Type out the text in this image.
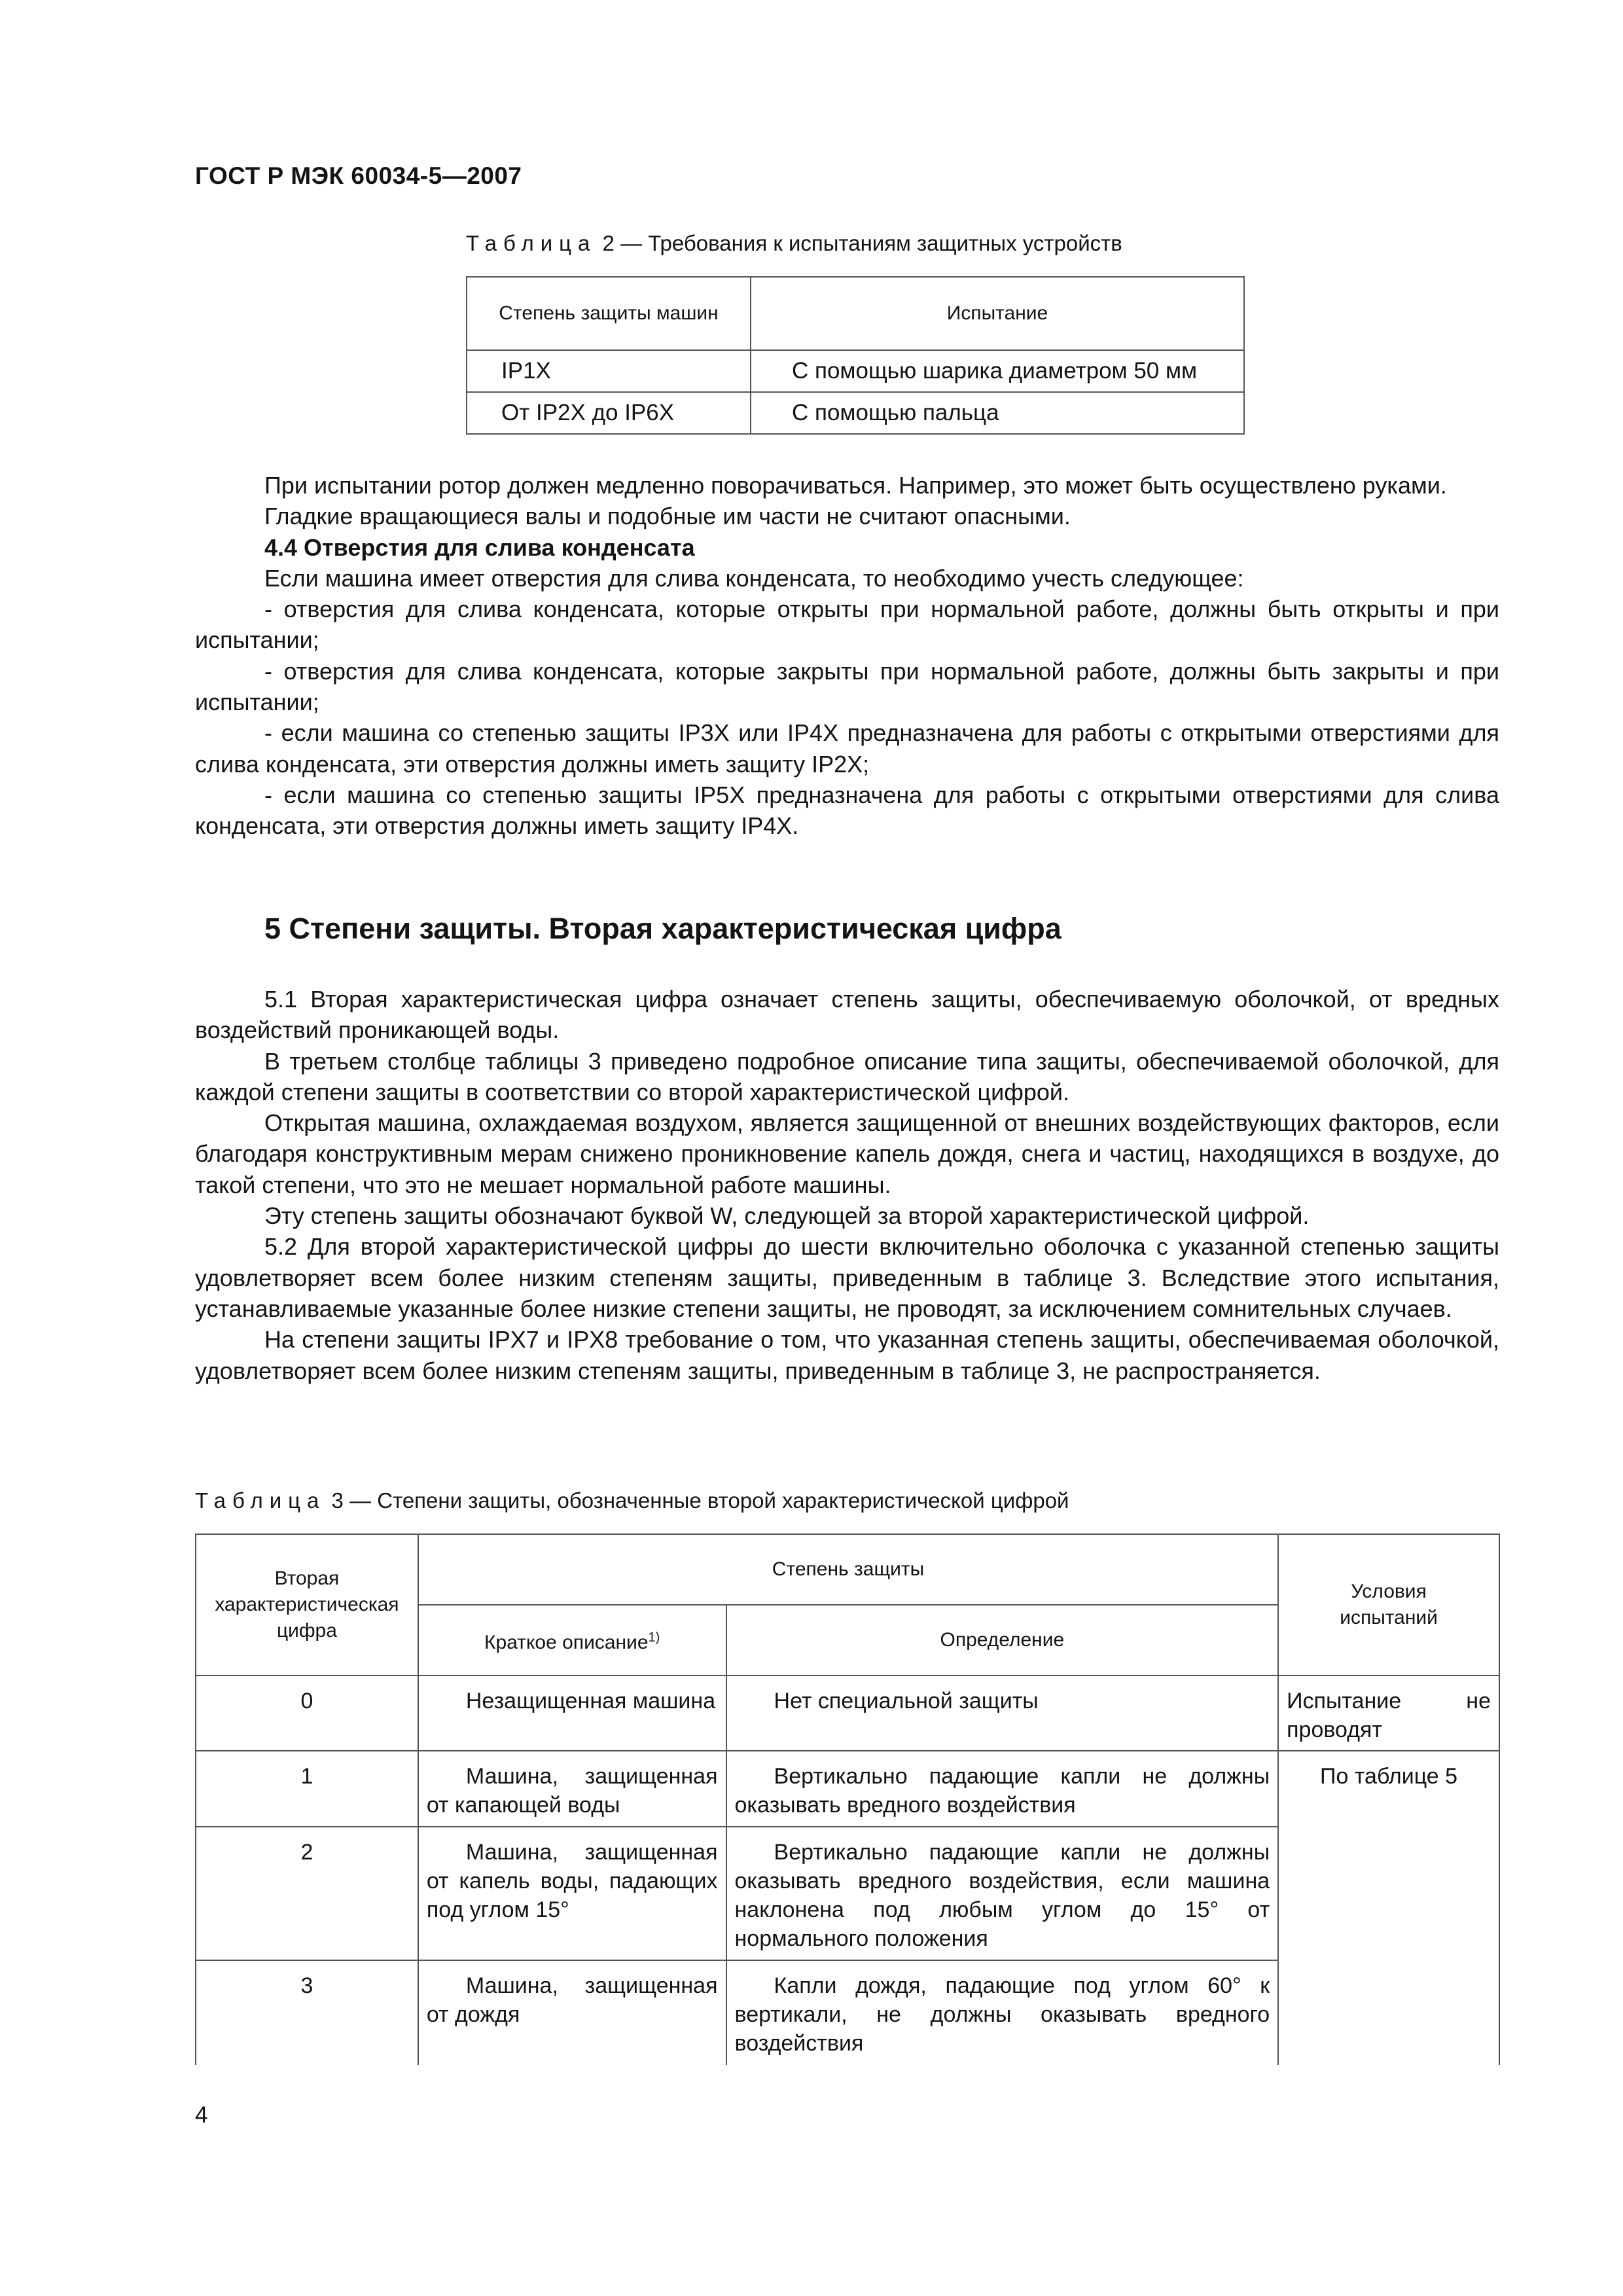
ГОСТ Р МЭК 60034-5—2007
Таблица 2 — Требования к испытаниям защитных устройств
Степень защиты машин	Испытание
IP1X	С помощью шарика диаметром 50 мм
От IP2X до IP6X	С помощью пальца

При испытании ротор должен медленно поворачиваться. Например, это может быть осуществлено руками.

Гладкие вращающиеся валы и подобные им части не считают опасными.

4.4 Отверстия для слива конденсата

Если машина имеет отверстия для слива конденсата, то необходимо учесть следующее:

- отверстия для слива конденсата, которые открыты при нормальной работе, должны быть открыты и при испытании;

- отверстия для слива конденсата, которые закрыты при нормальной работе, должны быть закрыты и при испытании;

- если машина со степенью защиты IP3X или IP4X предназначена для работы с открытыми отверстиями для слива конденсата, эти отверстия должны иметь защиту IP2X;

- если машина со степенью защиты IP5X предназначена для работы с открытыми отверстиями для слива конденсата, эти отверстия должны иметь защиту IP4X.

5 Степени защиты. Вторая характеристическая цифра

5.1 Вторая характеристическая цифра означает степень защиты, обеспечиваемую оболочкой, от вредных воздействий проникающей воды.

В третьем столбце таблицы 3 приведено подробное описание типа защиты, обеспечиваемой оболочкой, для каждой степени защиты в соответствии со второй характеристической цифрой.

Открытая машина, охлаждаемая воздухом, является защищенной от внешних воздействующих факторов, если благодаря конструктивным мерам снижено проникновение капель дождя, снега и частиц, находящихся в воздухе, до такой степени, что это не мешает нормальной работе машины.

Эту степень защиты обозначают буквой W, следующей за второй характеристической цифрой.

5.2 Для второй характеристической цифры до шести включительно оболочка с указанной степенью защиты удовлетворяет всем более низким степеням защиты, приведенным в таблице 3. Вследствие этого испытания, устанавливаемые указанные более низкие степени защиты, не проводят, за исключением сомнительных случаев.

На степени защиты IPX7 и IPX8 требование о том, что указанная степень защиты, обеспечиваемая оболочкой, удовлетворяет всем более низким степеням защиты, приведенным в таблице 3, не распространяется.

Таблица 3 — Степени защиты, обозначенные второй характеристической цифрой
Вторая характеристическая цифра	Степень защиты		Условия испытаний
	Краткое описание$^{1)}$	Определение	
0	Незащищенная машина	Нет специальной защиты	Испытание не проводят
1	Машина, защищенная от капающей воды	Вертикально падающие капли не должны оказывать вредного воздействия	По таблице 5
2	Машина, защищенная от капель воды, падающих под углом 15°	Вертикально падающие капли не должны оказывать вредного воздействия, если машина наклонена под любым углом до 15° от нормального положения	
3	Машина, защищенная от дождя	Капли дождя, падающие под углом 60° к вертикали, не должны оказывать вредного воздействия	
4
